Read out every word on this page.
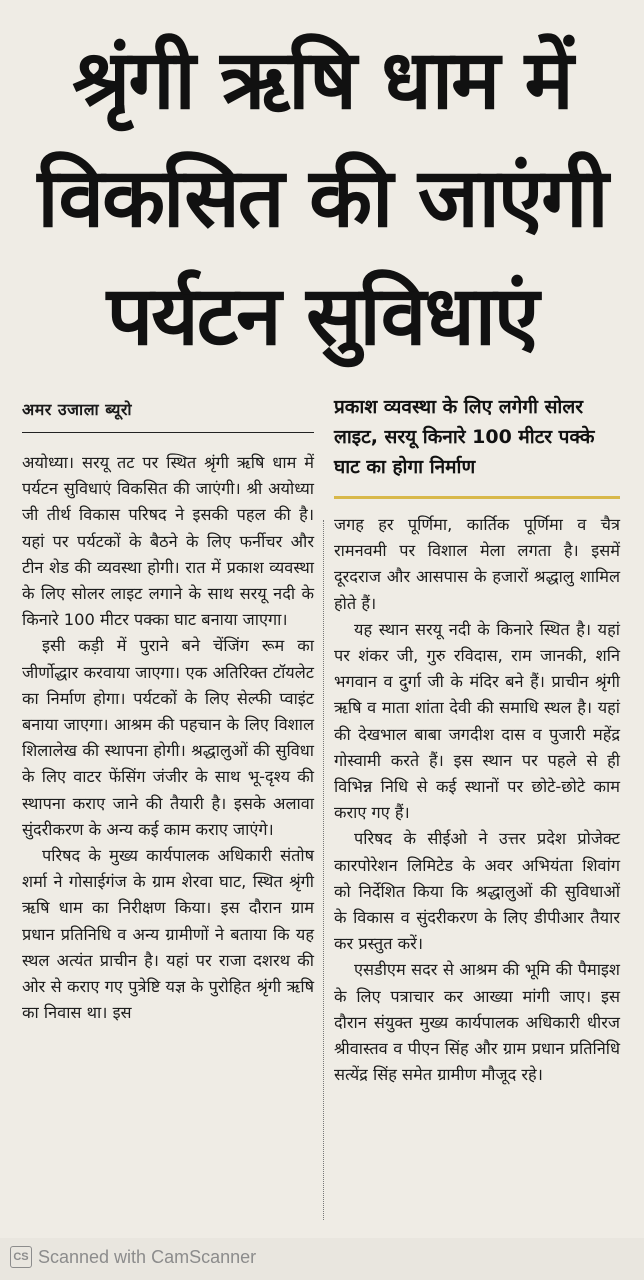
श्रृंगी ऋषि धाम में
विकसित की जाएंगी
पर्यटन सुविधाएं
अमर उजाला ब्यूरो	प्रकाश व्यवस्था के लिए लगेगी सोलर लाइट, सरयू किनारे 100 मीटर पक्के घाट का होगा निर्माण

अयोध्या। सरयू तट पर स्थित श्रृंगी ऋषि धाम में पर्यटन सुविधाएं विकसित की जाएंगी। श्री अयोध्या जी तीर्थ विकास परिषद ने इसकी पहल की है। यहां पर पर्यटकों के बैठने के लिए फर्नीचर और टीन शेड की व्यवस्था होगी। रात में प्रकाश व्यवस्था के लिए सोलर लाइट लगाने के साथ सरयू नदी के किनारे 100 मीटर पक्का घाट बनाया जाएगा।

इसी कड़ी में पुराने बने चेंजिंग रूम का जीर्णोद्धार करवाया जाएगा। एक अतिरिक्त टॉयलेट का निर्माण होगा। पर्यटकों के लिए सेल्फी प्वाइंट बनाया जाएगा। आश्रम की पहचान के लिए विशाल शिलालेख की स्थापना होगी। श्रद्धालुओं की सुविधा के लिए वाटर फेंसिंग जंजीर के साथ भू-दृश्य की स्थापना कराए जाने की तैयारी है। इसके अलावा सुंदरीकरण के अन्य कई काम कराए जाएंगे।

परिषद के मुख्य कार्यपालक अधिकारी संतोष शर्मा ने गोसाईगंज के ग्राम शेरवा घाट, स्थित श्रृंगी ऋषि धाम का निरीक्षण किया। इस दौरान ग्राम प्रधान प्रतिनिधि व अन्य ग्रामीणों ने बताया कि यह स्थल अत्यंत प्राचीन है। यहां पर राजा दशरथ की ओर से कराए गए पुत्रेष्टि यज्ञ के पुरोहित श्रृंगी ऋषि का निवास था। इस

जगह हर पूर्णिमा, कार्तिक पूर्णिमा व चैत्र रामनवमी पर विशाल मेला लगता है। इसमें दूरदराज और आसपास के हजारों श्रद्धालु शामिल होते हैं।

यह स्थान सरयू नदी के किनारे स्थित है। यहां पर शंकर जी, गुरु रविदास, राम जानकी, शनि भगवान व दुर्गा जी के मंदिर बने हैं। प्राचीन श्रृंगी ऋषि व माता शांता देवी की समाधि स्थल है। यहां की देखभाल बाबा जगदीश दास व पुजारी महेंद्र गोस्वामी करते हैं। इस स्थान पर पहले से ही विभिन्न निधि से कई स्थानों पर छोटे-छोटे काम कराए गए हैं।

परिषद के सीईओ ने उत्तर प्रदेश प्रोजेक्ट कारपोरेशन लिमिटेड के अवर अभियंता शिवांग को निर्देशित किया कि श्रद्धालुओं की सुविधाओं के विकास व सुंदरीकरण के लिए डीपीआर तैयार कर प्रस्तुत करें।

एसडीएम सदर से आश्रम की भूमि की पैमाइश के लिए पत्राचार कर आख्या मांगी जाए। इस दौरान संयुक्त मुख्य कार्यपालक अधिकारी धीरज श्रीवास्तव व पीएन सिंह और ग्राम प्रधान प्रतिनिधि सत्येंद्र सिंह समेत ग्रामीण मौजूद रहे।

CS Scanned with CamScanner
